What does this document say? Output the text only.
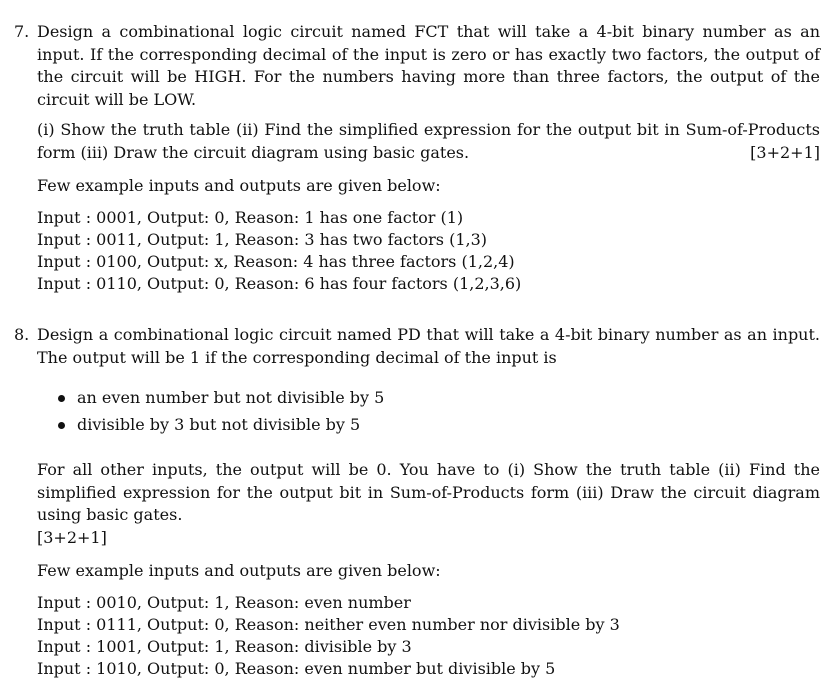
7. Design a combinational logic circuit named FCT that will take a 4-bit binary number as an input. If the corresponding decimal of the input is zero or has exactly two factors, the output of the circuit will be HIGH. For the numbers having more than three factors, the output of the circuit will be LOW.

(i) Show the truth table (ii) Find the simplified expression for the output bit in Sum-of-Products form (iii) Draw the circuit diagram using basic gates.	[3+2+1]

Few example inputs and outputs are given below:
Input : 0001, Output: 0, Reason: 1 has one factor (1)
Input : 0011, Output: 1, Reason: 3 has two factors (1,3)
Input : 0100, Output: x, Reason: 4 has three factors (1,2,4)
Input : 0110, Output: 0, Reason: 6 has four factors (1,2,3,6)
8. Design a combinational logic circuit named PD that will take a 4-bit binary number as an input. The output will be 1 if the corresponding decimal of the input is

an even number but not divisible by 5
divisible by 3 but not divisible by 5

For all other inputs, the output will be 0. You have to (i) Show the truth table (ii) Find the simplified expression for the output bit in Sum-of-Products form (iii) Draw the circuit diagram using basic gates.

[3+2+1]
Few example inputs and outputs are given below:
Input : 0010, Output: 1, Reason: even number
Input : 0111, Output: 0, Reason: neither even number nor divisible by 3
Input : 1001, Output: 1, Reason: divisible by 3
Input : 1010, Output: 0, Reason: even number but divisible by 5
